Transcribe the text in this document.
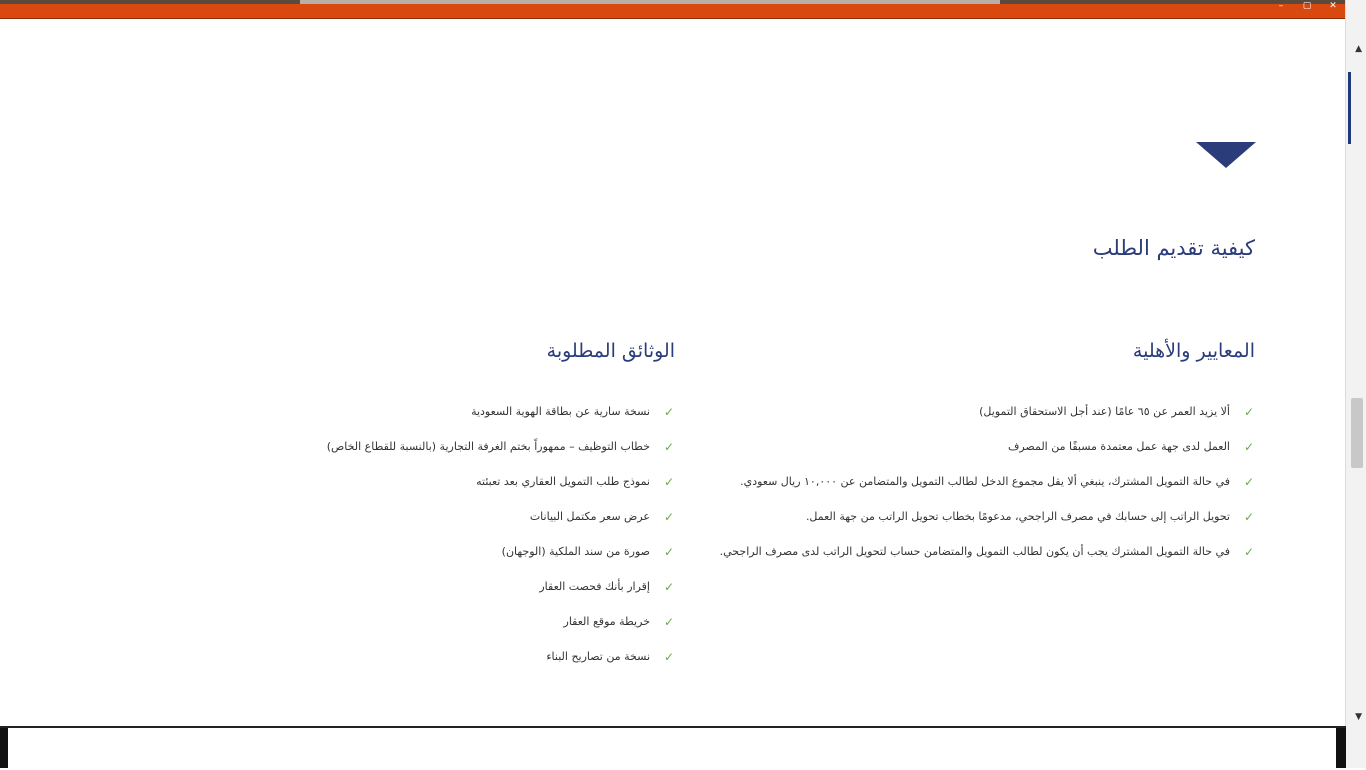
–	▢	✕
▲
▼
كيفية تقديم الطلب
المعايير والأهلية
✓
ألا يزيد العمر عن ٦٥ عامًا (عند أجل الاستحقاق التمويل)
✓
العمل لدى جهة عمل معتمدة مسبقًا من المصرف
✓
في حالة التمويل المشترك، ينبغي ألا يقل مجموع الدخل لطالب التمويل والمتضامن عن ١٠,٠٠٠ ريال سعودي.
✓
تحويل الراتب إلى حسابك في مصرف الراجحي، مدعومًا بخطاب تحويل الراتب من جهة العمل.
✓
في حالة التمويل المشترك يجب أن يكون لطالب التمويل والمتضامن حساب لتحويل الراتب لدى مصرف الراجحي.
الوثائق المطلوبة
✓
نسخة سارية عن بطاقة الهوية السعودية
✓
خطاب التوظيف – ممهوراً بختم الغرفة التجارية (بالنسبة للقطاع الخاص)
✓
نموذج طلب التمويل العقاري بعد تعبئته
✓
عرض سعر مكتمل البيانات
✓
صورة من سند الملكية (الوجهان)
✓
إقرار بأنك فحصت العقار
✓
خريطة موقع العقار
✓
نسخة من تصاريح البناء
